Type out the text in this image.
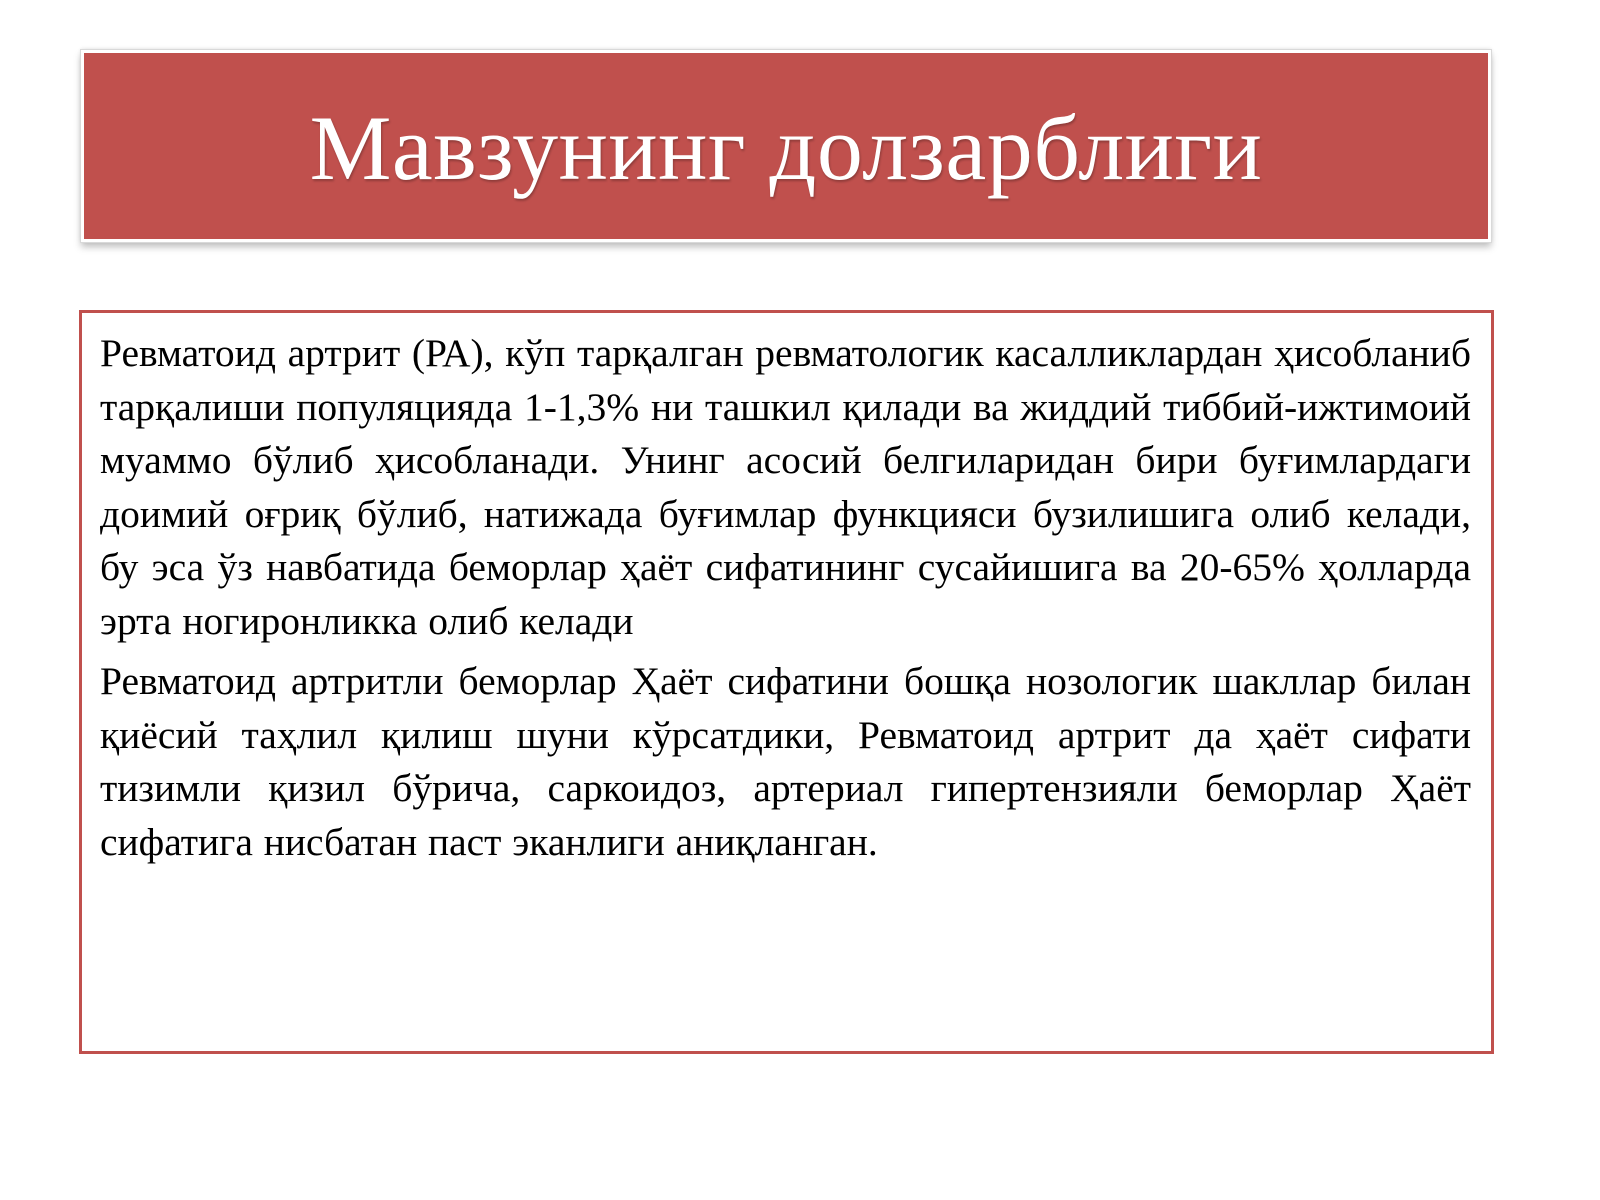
Мавзунинг долзарблиги

Ревматоид артрит (РА), кўп тарқалган ревматологик касалликлардан ҳисобланиб тарқалиши популяцияда 1-1,3% ни ташкил қилади ва жиддий тиббий-ижтимоий муаммо бўлиб ҳисобланади. Унинг асосий белгиларидан бири буғимлардаги доимий оғриқ бўлиб, натижада буғимлар функцияси бузилишига олиб келади, бу эса ўз навбатида беморлар ҳаёт сифатининг сусайишига ва 20-65% ҳолларда эрта ногиронликка олиб келади

Ревматоид артритли беморлар Ҳаёт сифатини бошқа нозологик шакллар билан қиёсий таҳлил қилиш шуни кўрсатдики, Ревматоид артрит да ҳаёт сифати тизимли қизил бўрича, саркоидоз, артериал гипертензияли беморлар Ҳаёт сифатига нисбатан паст эканлиги аниқланган.
